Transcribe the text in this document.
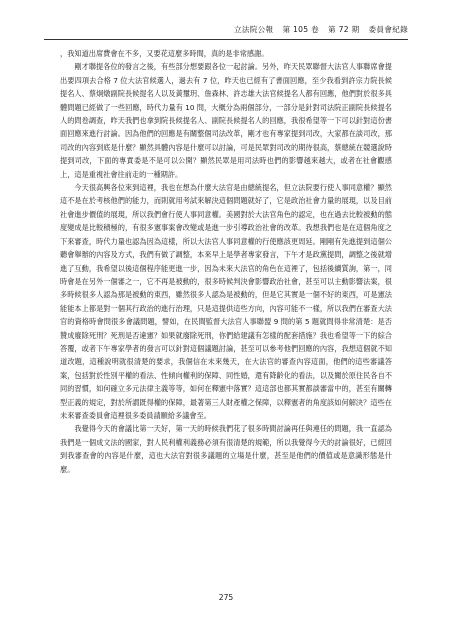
立法院公報 第 105 卷 第 72 期 委員會紀錄

，我知道出席費會在不多，又要花這麼多時間，真的是非常感謝。

剛才聯提各位的發言之後，有些部分想要跟各位一起討論。另外，昨天民眾聯督大法官人事聯席會提出要四項去合格 7 位大法官候選人，過去有 7 位，昨天也已經有了書面回應，至少我看到許宗力院長候提名人、蔡炯燉副院長候提名人以及黃璽玥、詹森林、許志雄大法官候提名人都有回應，他們對於很多具體問題已經做了一些回應，時代力量有 10 問，大概分為兩個部分，一部分是針對司法院正副院長候提名人的問卷調查，昨天我們也拿到院長候提名人、副院長候提名人的回應，我很希望等一下可以針對這份書面回應來進行討論。因為他們的回應是有關整個司法改革，剛才也有專家提到司改，大家都在談司改，那司改的內容到底是什麼？顯然具體內容是什麼可以討論，可是民眾對司改的期待很高，蔡總統在競選說時提到司改，下面的專責委是不是可以公開？顯然民眾是用司法時也們的影響越來越大，或者在社會觀感上，這是重視社會往前走的一種期許。

今天很高興各位來到這裡，我也在想為什麼大法官是由總統提名，但立法院要行使人事同意權？顯然這不是在於考核他們的能力，而則就用考試來解決這個問題就好了，它是政治社會力量的展現，以及目前社會進步價值的展現，所以我們會行使人事同意權。美國對於大法官角色的認定，也在過去比較被動的態度變成是比較積極的，有很多憲事案會改變或是進一步引導政治社會的改革。我想我們也是在這個角度之下來審查，時代力量也認為因為這樣，所以大法官人事同意權的行使應該更周延。剛剛有先進提到這個公聽會舉辦的內容及方式，我們有做了調整，本來早上是學者專家發言，下午才是政黨提問，調整之後就增進了互動，我希望以後這個程序能更進一步，因為未來大法官的角色在這裡了，包括後續質詢，第一，同時會是在另外一個審之一，它不再是被動的，很多時候判決會影響政治社會，甚至可以主動影響法案，很多時候很多人認為那是被動的東西，雖然很多人認為是被動的，但是它其實是一個不好的東西，可是憲法能能本上都是對一個其行政治的進行治理，只是這提供這些方向，內容可能不一樣，所以我們在審查大法官的資格時會問很多會議問題，譬如，在民間監督大法官人事聯盟 9 問的第 5 題就問得非常清楚：是否贊成廢除死刑？死刑是否違憲？如果就廢除死刑，你們給建議有怎樣的配套措施？我也希望等一下的綜合答覆，或者下午專家學者的發言可以針對這個議題討論，甚至可以參考他們回應的內容，我想這個就不知道改題，這種說明就很清楚的要求，我個信在未來幾天，在大法官的審查內容這面，他們的這些審議答案，包括對於性別平權的看法、性傾向權利的保障、同性婚，還有降齡化的看法，以及關於原住民各自不同的習慣，如何確立多元法律主義等等，如何在釋憲中落實？這這部也都其實都談審當中的，甚至有關轉型正義的規定，對於所謂既得權的保障，最著第三人財產權之保障，以釋憲者的角度該如何解決？這些在未來審查委員會這裡很多委員請願給多議會至。

我覺得今天的會議比第一天好，第一天的時候我們花了很多時間討論再任與連任的問題，我一直認為我們是一個成文法的國家，對人民利權利義務必須有很清楚的規範，所以我覺得今天的討論很好，已經回到我審查會的內容是什麼，這也大法官對很多議題的立場是什麼，甚至是他們的價值或是意識形態是什麼。

275
